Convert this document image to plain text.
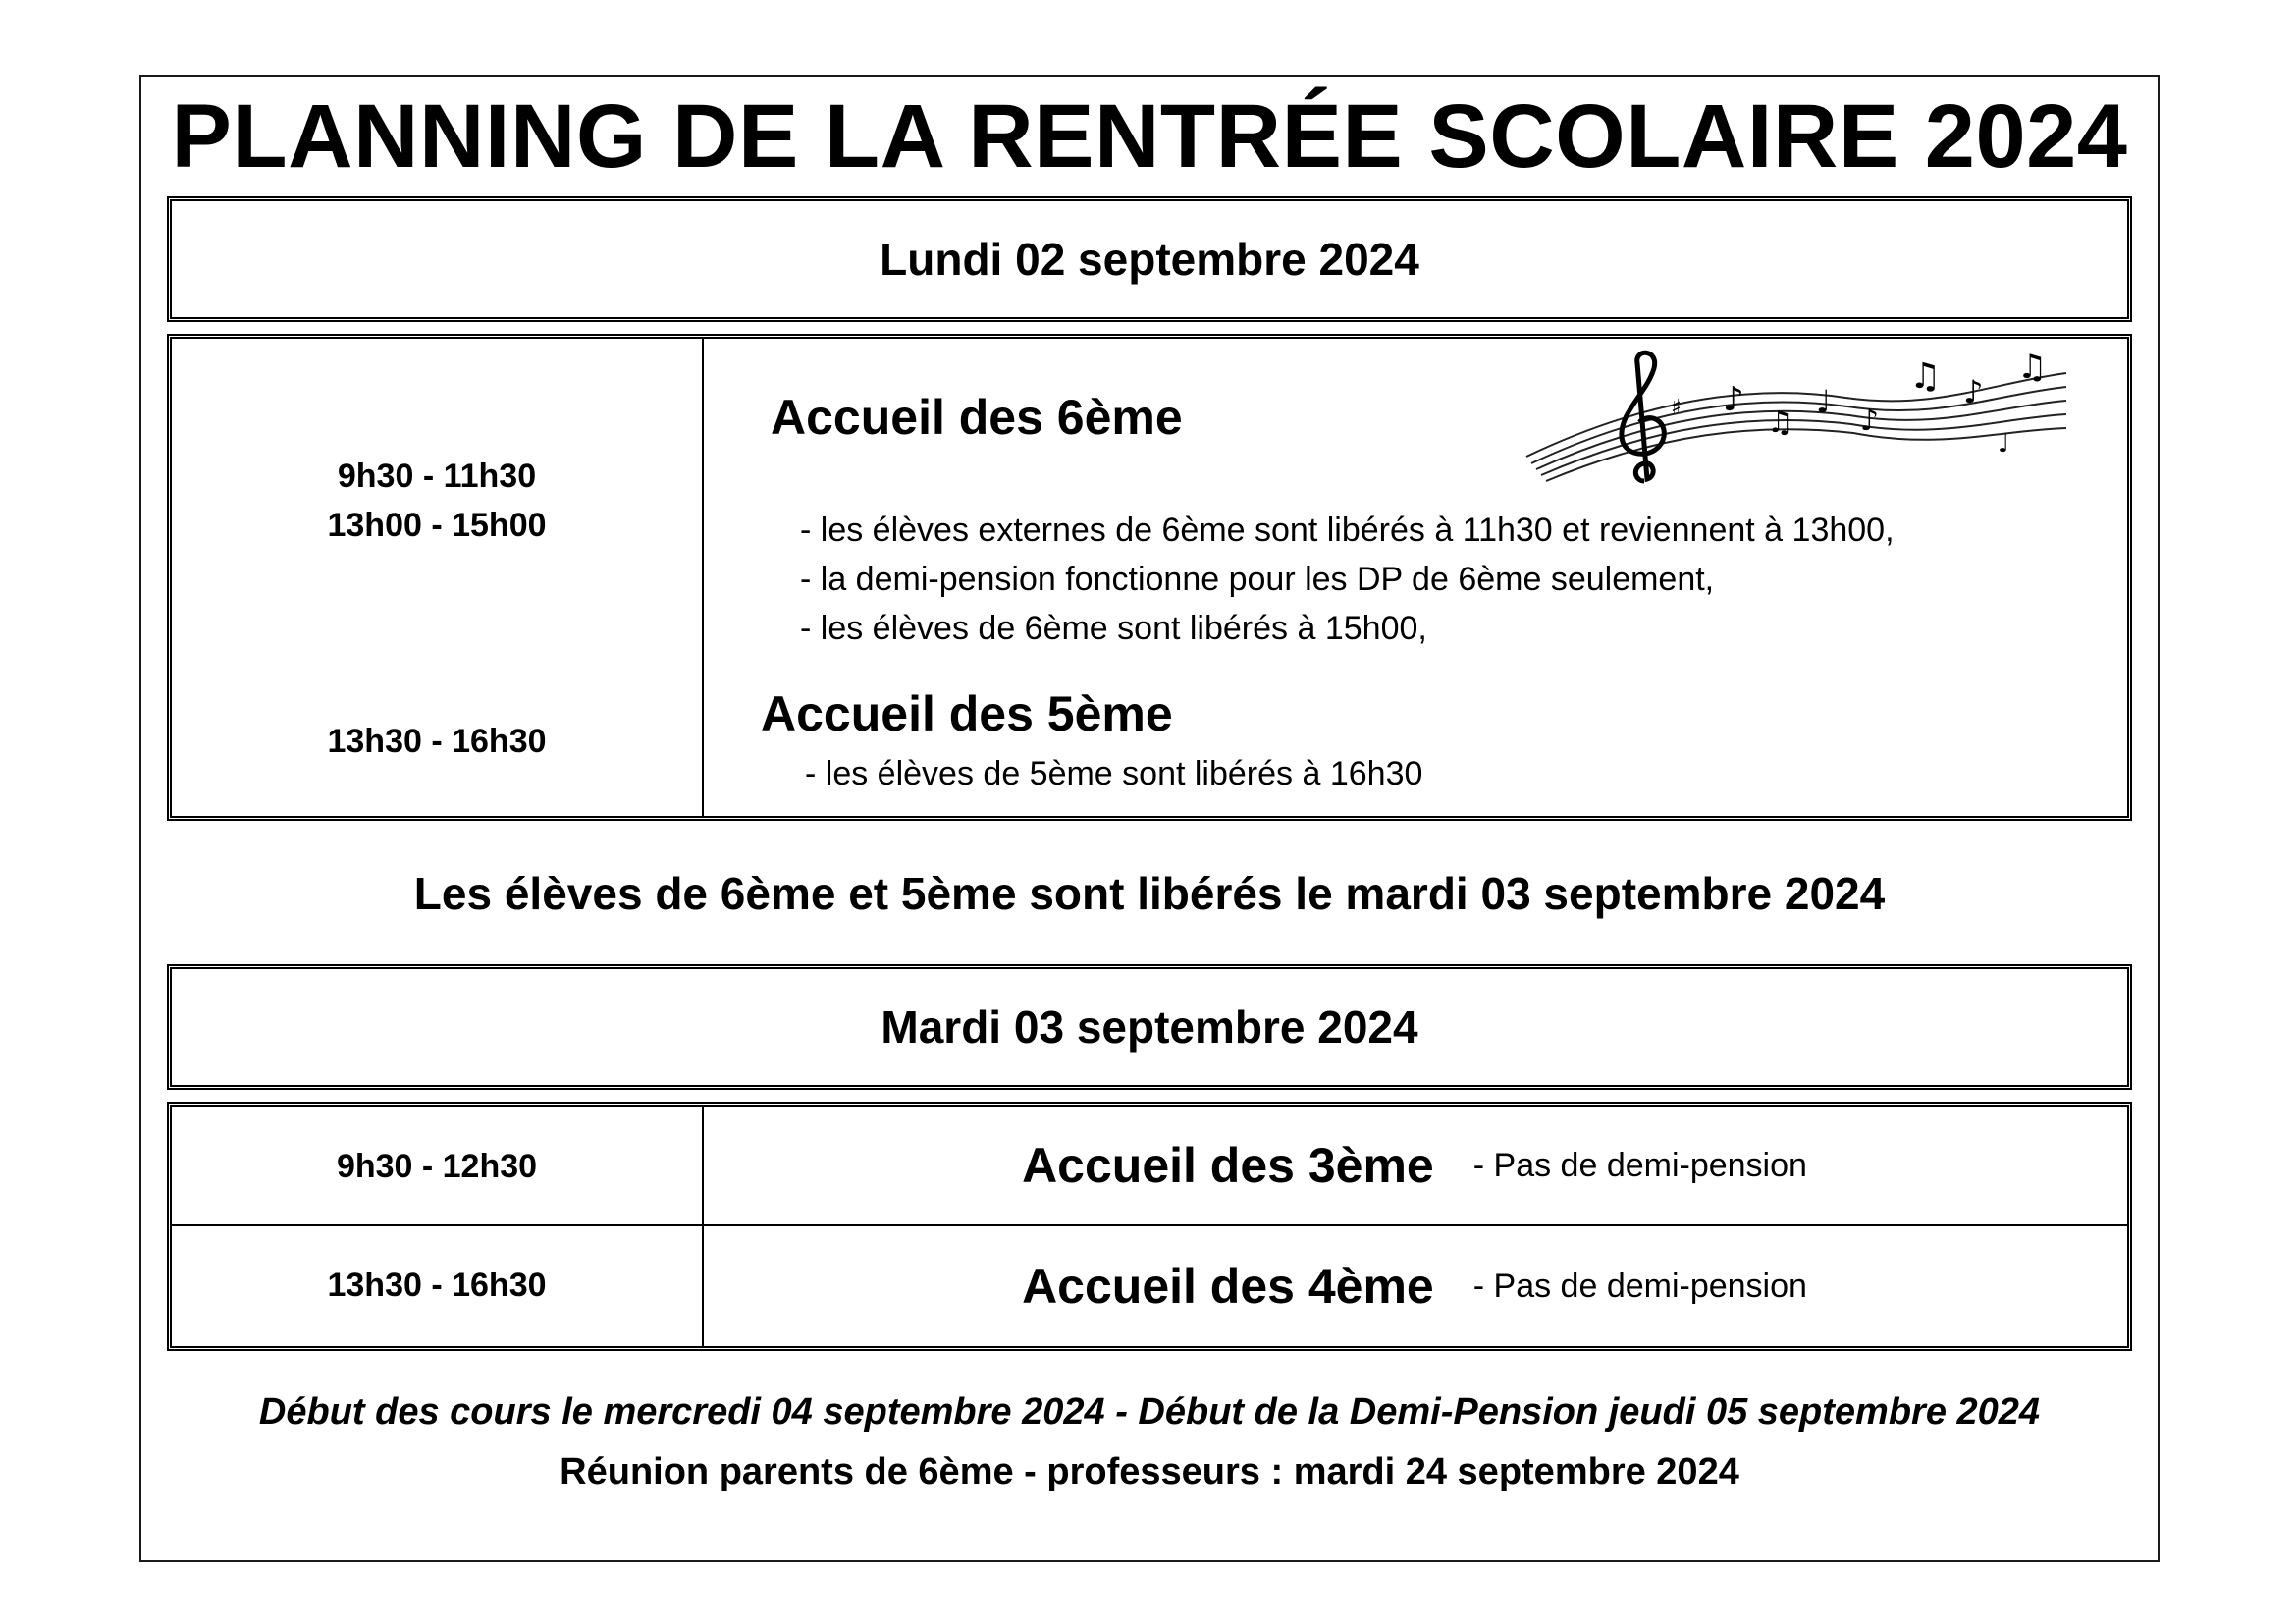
PLANNING DE LA RENTRÉE SCOLAIRE 2024
Lundi 02 septembre 2024
9h30 - 11h30
13h00 - 15h00
13h30 - 16h30
Accueil des 6ème
- les élèves externes de 6ème sont libérés à 11h30 et reviennent à 13h00,
- la demi-pension fonctionne pour les DP de 6ème seulement,
- les élèves de 6ème sont libérés à 15h00,
Accueil des 5ème
- les élèves de 5ème sont libérés à 16h30
♯ ♪
♫
♩
♪
♫ ♪
♫
♩
Les élèves de 6ème et 5ème sont libérés le mardi 03 septembre 2024
Mardi 03 septembre 2024
9h30 - 12h30	Accueil des 3ème - Pas de demi-pension
13h30 - 16h30	Accueil des 4ème - Pas de demi-pension
Début des cours le mercredi 04 septembre 2024 - Début de la Demi-Pension jeudi 05 septembre 2024
Réunion parents de 6ème - professeurs : mardi 24 septembre 2024
